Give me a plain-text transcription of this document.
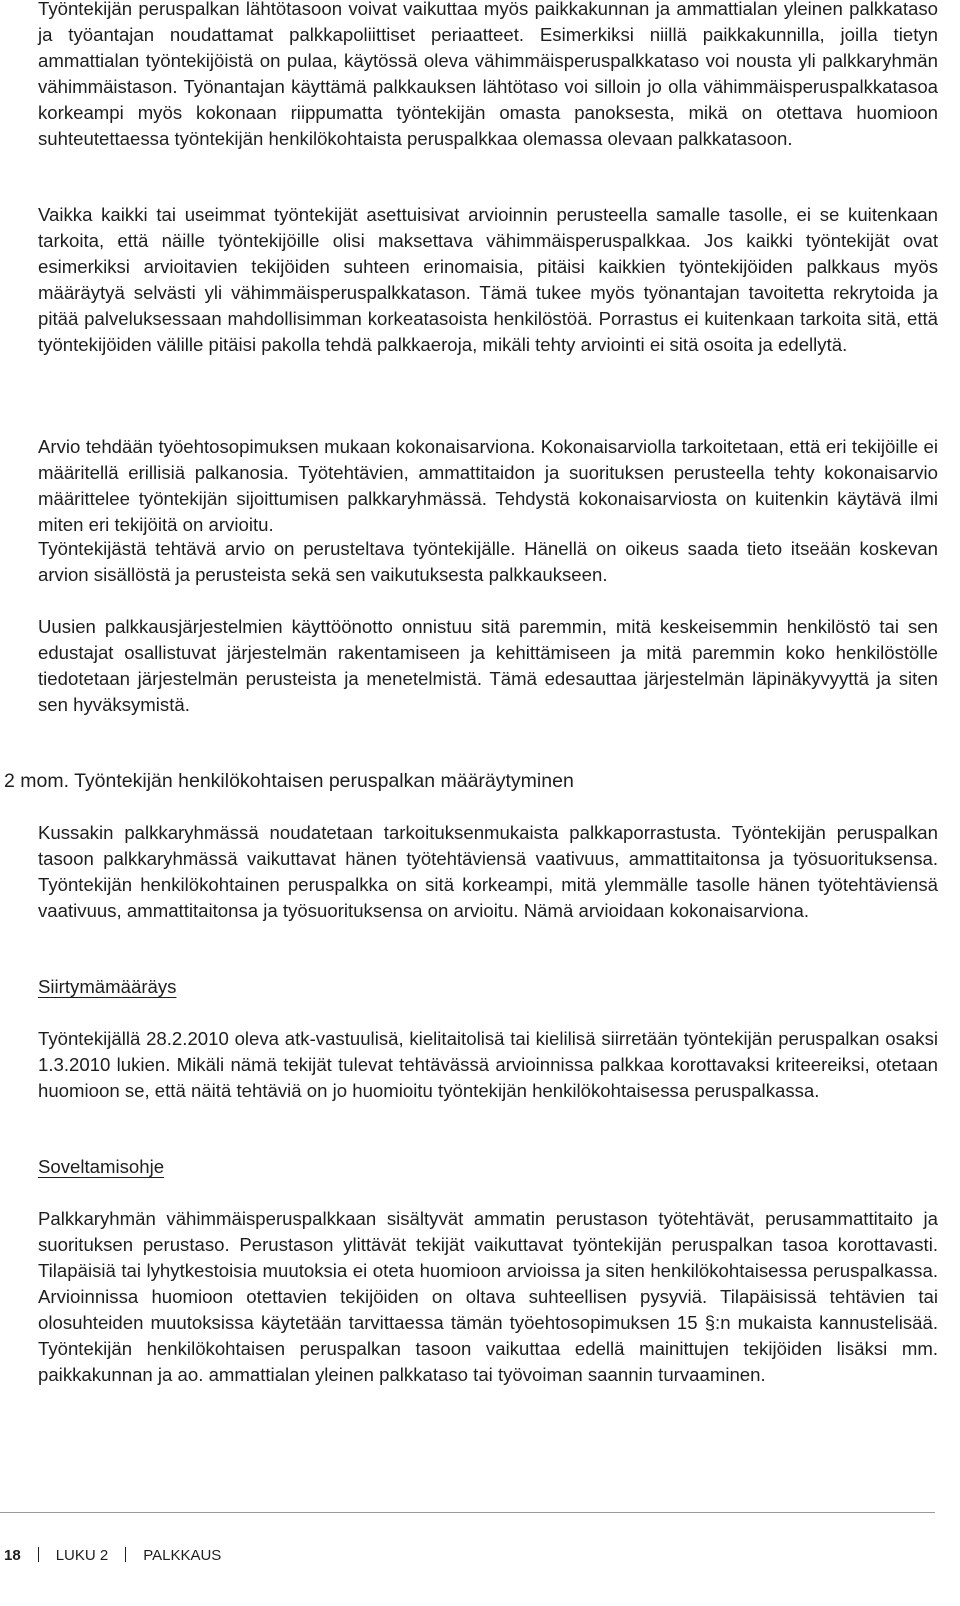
Työntekijän peruspalkan lähtötasoon voivat vaikuttaa myös paikkakunnan ja ammattialan yleinen palkkataso ja työantajan noudattamat palkkapoliittiset periaatteet. Esimerkiksi niillä paikkakunnilla, joilla tietyn ammattialan työntekijöistä on pulaa, käytössä oleva vähimmäisperuspalkkataso voi nousta yli palkkaryhmän vähimmäistason. Työnantajan käyttämä palkkauksen lähtötaso voi silloin jo olla vähimmäisperuspalkkatasoa korkeampi myös kokonaan riippumatta työntekijän omasta panoksesta, mikä on otettava huomioon suhteutettaessa työntekijän henkilökohtaista peruspalkkaa olemassa olevaan palkkatasoon.

Vaikka kaikki tai useimmat työntekijät asettuisivat arvioinnin perusteella samalle tasolle, ei se kuitenkaan tarkoita, että näille työntekijöille olisi maksettava vähimmäisperuspalkkaa. Jos kaikki työntekijät ovat esimerkiksi arvioitavien tekijöiden suhteen erinomaisia, pitäisi kaikkien työntekijöiden palkkaus myös määräytyä selvästi yli vähimmäisperuspalkkatason. Tämä tukee myös työnantajan tavoitetta rekrytoida ja pitää palveluksessaan mahdollisimman korkeatasoista henkilöstöä. Porrastus ei kuitenkaan tarkoita sitä, että työntekijöiden välille pitäisi pakolla tehdä palkkaeroja, mikäli tehty arviointi ei sitä osoita ja edellytä.

Arvio tehdään työehtosopimuksen mukaan kokonaisarviona. Kokonaisarviolla tarkoitetaan, että eri tekijöille ei määritellä erillisiä palkanosia. Työtehtävien, ammattitaidon ja suorituksen perusteella tehty kokonaisarvio määrittelee työntekijän sijoittumisen palkkaryhmässä. Tehdystä kokonaisarviosta on kuitenkin käytävä ilmi miten eri tekijöitä on arvioitu.

Työntekijästä tehtävä arvio on perusteltava työntekijälle. Hänellä on oikeus saada tieto itseään koskevan arvion sisällöstä ja perusteista sekä sen vaikutuksesta palkkaukseen.

Uusien palkkausjärjestelmien käyttöönotto onnistuu sitä paremmin, mitä keskeisemmin henkilöstö tai sen edustajat osallistuvat järjestelmän rakentamiseen ja kehittämiseen ja mitä paremmin koko henkilöstölle tiedotetaan järjestelmän perusteista ja menetelmistä. Tämä edesauttaa järjestelmän läpinäkyvyyttä ja siten sen hyväksymistä.

2 mom. Työntekijän henkilökohtaisen peruspalkan määräytyminen

Kussakin palkkaryhmässä noudatetaan tarkoituksenmukaista palkkaporrastusta. Työntekijän peruspalkan tasoon palkkaryhmässä vaikuttavat hänen työtehtäviensä vaativuus, ammattitaitonsa ja työsuorituksensa. Työntekijän henkilökohtainen peruspalkka on sitä korkeampi, mitä ylemmälle tasolle hänen työtehtäviensä vaativuus, ammattitaitonsa ja työsuorituksensa on arvioitu. Nämä arvioidaan kokonaisarviona.

Siirtymämääräys

Työntekijällä 28.2.2010 oleva atk-vastuulisä, kielitaitolisä tai kielilisä siirretään työntekijän peruspalkan osaksi 1.3.2010 lukien. Mikäli nämä tekijät tulevat tehtävässä arvioinnissa palkkaa korottavaksi kriteereiksi, otetaan huomioon se, että näitä tehtäviä on jo huomioitu työntekijän henkilökohtaisessa peruspalkassa.

Soveltamisohje

Palkkaryhmän vähimmäisperuspalkkaan sisältyvät ammatin perustason työtehtävät, perusammattitaito ja suorituksen perustaso. Perustason ylittävät tekijät vaikuttavat työntekijän peruspalkan tasoa korottavasti. Tilapäisiä tai lyhytkestoisia muutoksia ei oteta huomioon arvioissa ja siten henkilökohtaisessa peruspalkassa. Arvioinnissa huomioon otettavien tekijöiden on oltava suhteellisen pysyviä. Tilapäisissä tehtävien tai olosuhteiden muutoksissa käytetään tarvittaessa tämän työehtosopimuksen 15 §:n mukaista kannustelisää. Työntekijän henkilökohtaisen peruspalkan tasoon vaikuttaa edellä mainittujen tekijöiden lisäksi mm. paikkakunnan ja ao. ammattialan yleinen palkkataso tai työvoiman saannin turvaaminen.

18 LUKU 2 PALKKAUS
